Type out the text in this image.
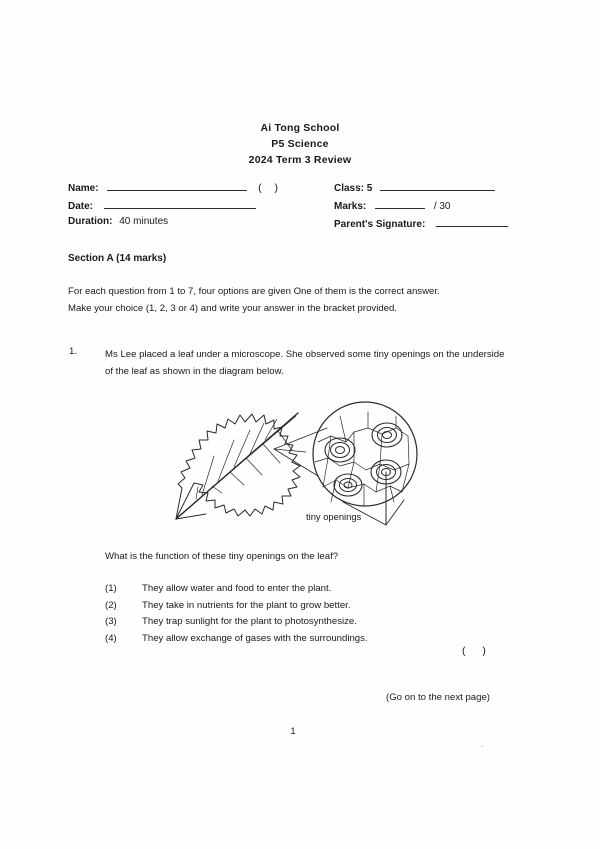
Ai Tong School
P5 Science
2024 Term 3 Review
Name:	( )	Class: 5
Date:	Marks:	/ 30
Duration: 40 minutes	Parent's Signature:
Section A (14 marks)
For each question from 1 to 7, four options are given One of them is the correct answer.
Make your choice (1, 2, 3 or 4) and write your answer in the bracket provided.
1.	Ms Lee placed a leaf under a microscope. She observed some tiny openings on the underside of the leaf as shown in the diagram below.
tiny openings
What is the function of these tiny openings on the leaf?
(1)	They allow water and food to enter the plant.
(2)	They take in nutrients for the plant to grow better.
(3)	They trap sunlight for the plant to photosynthesize.
(4)	They allow exchange of gases with the surroundings.
( )
(Go on to the next page)
1
